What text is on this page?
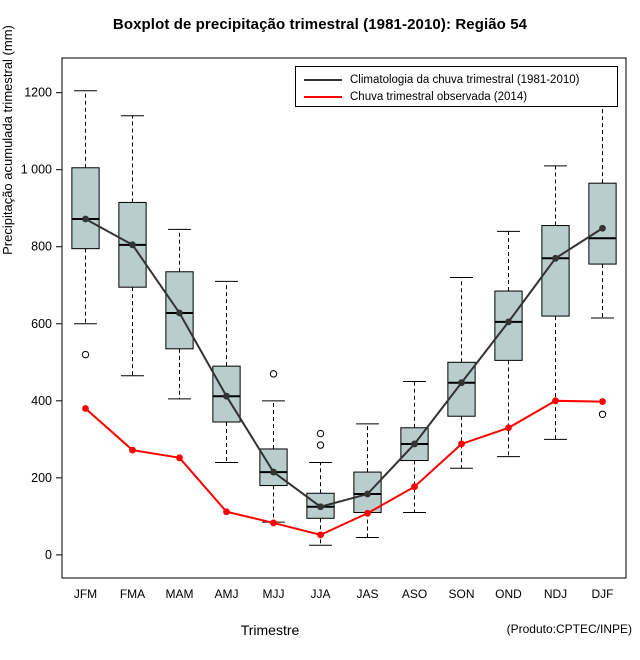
Boxplot de precipitação trimestral (1981-2010): Região 54
Precipitação acumulada trimestral (mm)
0
200
400
600
800
1 000
1200
JFM FMA MAM AMJ MJJ JJA JAS ASO SON OND NDJ DJF
Climatologia da chuva trimestral (1981-2010)
Chuva trimestral observada (2014)
Trimestre	(Produto:CPTEC/INPE)
